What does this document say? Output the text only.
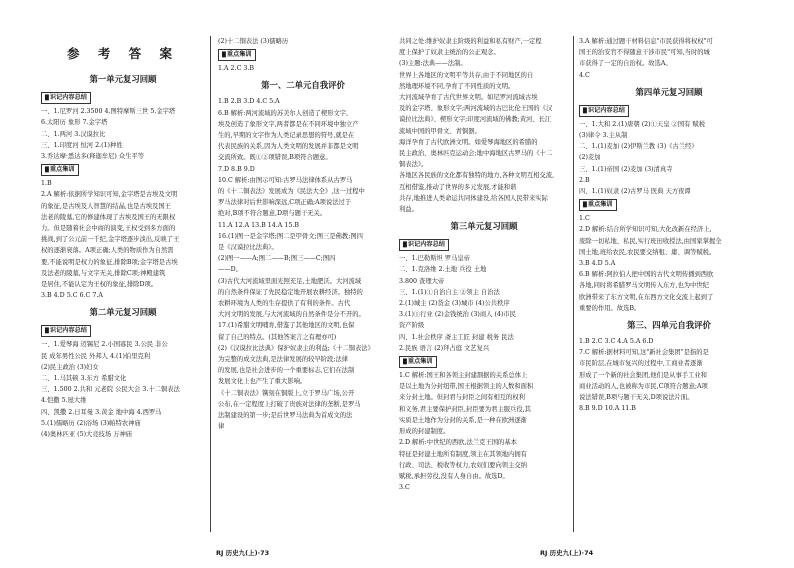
参 考 答 案
第一单元复习回顾
█ 识记内容总结

一、1.尼罗河 2.3500 4.图特摩斯三世 5.金字塔

6.太阳历 象形 7.金字塔

二、1.两河 3.汉谟拉比

三、1.印度河 恒河 2.(1)种姓

3.乔达摩·悉达多(释迦牟尼) 众生平等

█ 重点集训

1.B

2.A 解析:依据所学知识可知,金字塔是古埃及文明

的象征,是古埃及人智慧的结晶,也是古埃及国王

法老的陵墓,它的修建体现了古埃及国王的无限权

力。但是随着社会中商的演变,王权受到多方面的

挑战,到了公元前一千纪,金字塔逐步淡出,反映了王

权的逐渐衰落。A项正确;人类的物质作为自然需

要,不能说明是权力的象征,排除B项;金字塔是古埃

及法老的陵墓,与文字无关,排除C项;神殿建筑

是居住,不能认定为王权的象征,排除D项。

3.B 4.D 5.C 6.C 7.A

第二单元复习回顾
█ 识记内容总结

一、1.爱琴海 迈锡尼 2.小国寡民 3.公民 非公

民 成年男性公民 外邦人 4.(1)伯里克利

(2)民主政治 (3)妇女

二、1.马其顿 3.东方 希腊文化

三、1.500 2.共和 元老院 公民大会 3.十二铜表法

4.恺撒 5.屋大维

四、凯撒 2.日耳曼 3.黄金 地中海 4.西罗马

5.(1)儒略历 (2)浴场 (3)帕特农神庙

(4)奥林匹亚 (5)大竞技场 万神庙

(2)十二铜表法 (3)儒略历

█ 重点集训

1.A 2.C 3.B

第一、二单元自我评价

1.B 2.B 3.D 4.C 5.A

6.B 解析:两河流域的苏美尔人创造了楔形文字,

埃及创造了象形文字,两者都是在不同环境中独立产

生的,早期的文字作为人类记录思想的符号,就是在

代表民族的关系,因为人类文明的发展并非都是文明

交流所致。既①②项错误,B项符合题意。

7.D 8.B 9.D

10.C 解析:由图示可知:古罗马法律体系从古罗马

的《十二铜表法》发展成为《民法大全》,这一过程中

罗马法律对后世影响深远,C项正确;A项说法过于

绝对,B项不符合题意,D项与题干无关。

11.A 12.A 13.B 14.A 15.B

16.(1)图一是金字塔;图二是甲骨文;图三是佛教;图四

是《汉谟拉比法典》。

(2)图一——A;图二——B;图三——C;图四

——D。

(3)古代大河流域里面光照充足,土地肥沃。大河流域

的自然条件保证了先民稳定地开展农耕经济。独特的

农耕环境为人类的生存提供了有利的条件。古代

大河文明的发展,与大河流域的自然条件是分不开的。

17.(1)希腊文明哺育,借鉴了其他地区的文明,也保

留了自己的特点。(其他答案言之有理亦可)

(2)《汉谟拉比法典》保护奴隶主的利益;《十二铜表法》

为完整的成文法典,是法律发展的较早阶段;法律

的发展,也是社会进步的一个重要标志,它们在法制

发展文化上也产生了重大影响。

《十二铜表法》镌刻在铜版上,立于罗马广场,公开

公布,在一定程度上打破了贵族对法律的垄断,是罗马

法制建设的第一步;是后世罗马法典为首成文的法

律

共同之处:维护奴隶主阶级的利益和私有财产,一定程

度上保护了奴隶主统治的公正观念。

(3)主题:法典——法制。

世界上各地区的文明平等共存,由于不同地区的自

然地理环境不同,孕育了不同性质的文明。

大河流域孕育了古代世界文明。如尼罗河流域古埃

及的金字塔、象形文字;两河流域的古巴比伦王国的《汉

谟拉比法典》、楔形文字;印度河流域的佛教;黄河、长江

流域中国的甲骨文、青铜器。

海洋孕育了古代欧洲文明。如爱琴海地区的希腊的

民主政治、奥林匹克运动会;地中海地区古罗马的《十二

铜表法》。

各地区各民族的文化都有独特的地方,各种文明互相交流,

互相借鉴,推动了世界的多元发展,才能和谐

共存,地推进人类命运共同体建设,给各国人民带来实际

利益。

第三单元复习回顾
█ 识记内容总结

一、1.巴勒斯坦 罗马皇帝

二、1.克洛维 2.土地 兵役 土地

3.800 查理大帝

三、1.(1)①自治自主 ②领主 自治法

2.(1)城主 (2)货金 (3)城市 (4)公共秩序

3.(1)①行业 (2)金钱统治 (3)商人 (4)市民

资产阶级

四、1.社会秩序 斋主工匠 封建 税务 民法

2.民族 语言 (2)拜占庭 文艺复兴

█ 重点集训

1.C 解析:国王和各领主封建割据的关系总体上

是以土地为分封纽带,国王根据领主的人数和面积

来分封土地。但封君与封臣之间有相互的权利

和义务,君主要保护封臣,封臣要为君主服兵役,其

实质是土地作为分封的关系,是一种在欧洲逐渐

形成的封建制度。

2.D 解析:中世纪的西欧,法兰克王国的基本

特征是封建土地所有制度,领主在其领地内拥有

行政、司法、税收等权力,农奴们要向领主交纳

赋税,承担劳役,没有人身自由。故选D。

3.C

3.A 解析:通过题干材料信息"市民获得将权权"可

国王的治安官不得随意干涉市民"可知,当时的城

市获得了一定的自治权。故选A。

4.C

第四单元复习回顾
█ 识记内容总结

一、1.大和 2.(1)唐朝 (2)①天皇 ②国有 赋税

(3)律令 3.主从制

二、1.(1)麦加 (2)伊斯兰教 (3)《古兰经》

(2)麦加

三、1.(1)帝国 (2)麦加 (3)清真寺

2.B

四、1.(1)奴隶 (2)古罗马 医典 天方夜谭

█ 重点集训

1.C

2.D 解析:结合所学知识可知,大化改新在经济上,

废除一切私地、私民,实行班田收授法,由国家掌握全

国土地,班给农民,农民要交纳租、庸、调等赋税。

3.B 4.D 5.A

6.B 解析:阿拉伯人把中国的古代文明传播到西欧

各地,同时将希腊罗马文明传入东方,也为中世纪

欧洲带来了东方文明,在东西方文化交流上起到了

重要的作用。故选B。

第三、四单元自我评价

1.B 2.C 3.C 4.A 5.A 6.D

7.C 解析:据材料可知,这"新社会集团"是指的是

市民阶层,在城市复兴的过程中,工商业者逐渐

形成了一个新的社会集团,他们是从事手工业和

商业活动的人,也被称为市民,C项符合题意;A项

说法错误,B项与题干无关,D项说法片面。

8.B 9.D 10.A 11.B

RJ 历史九(上)·73	RJ 历史九(上)·74
